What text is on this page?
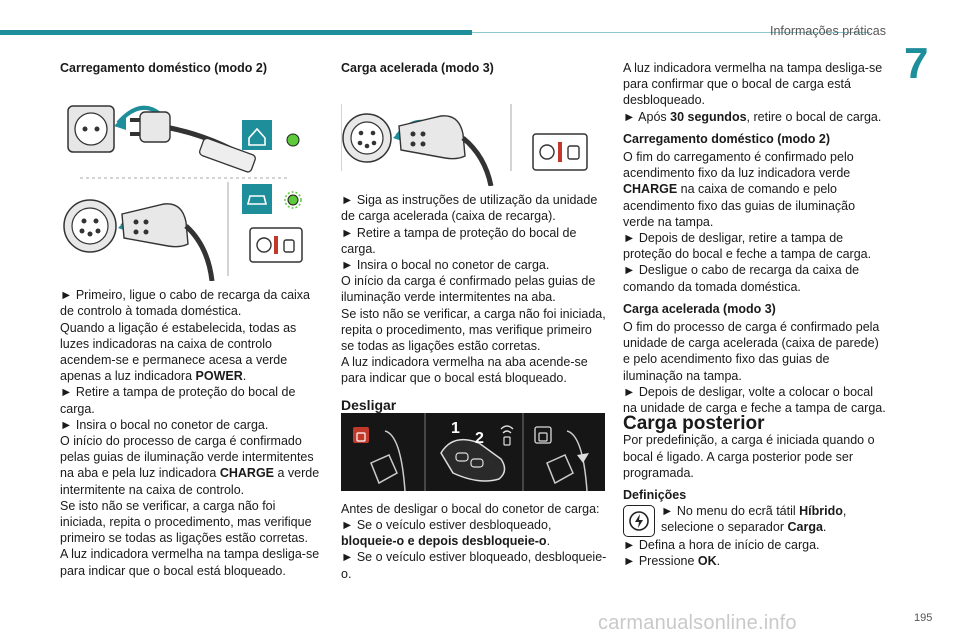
Informações práticas
7
195
carmanualsonline.info

Carregamento doméstico (modo 2)

► Primeiro, ligue o cabo de recarga da caixa de controlo à tomada doméstica.

Quando a ligação é estabelecida, todas as luzes indicadoras na caixa de controlo acendem-se e permanece acesa a verde apenas a luz indicadora POWER.

► Retire a tampa de proteção do bocal de carga.

► Insira o bocal no conetor de carga.

O início do processo de carga é confirmado pelas guias de iluminação verde intermitentes na aba e pela luz indicadora CHARGE a verde intermitente na caixa de controlo.

Se isto não se verificar, a carga não foi iniciada, repita o procedimento, mas verifique primeiro se todas as ligações estão corretas.

A luz indicadora vermelha na tampa desliga-se para indicar que o bocal está bloqueado.

Carga acelerada (modo 3)

► Siga as instruções de utilização da unidade de carga acelerada (caixa de recarga).

► Retire a tampa de proteção do bocal de carga.

► Insira o bocal no conetor de carga.

O início da carga é confirmado pelas guias de iluminação verde intermitentes na aba.

Se isto não se verificar, a carga não foi iniciada, repita o procedimento, mas verifique primeiro se todas as ligações estão corretas.

A luz indicadora vermelha na aba acende-se para indicar que o bocal está bloqueado.

Desligar

1
2

Antes de desligar o bocal do conetor de carga:

► Se o veículo estiver desbloqueado, bloqueie-o e depois desbloqueie-o.

► Se o veículo estiver bloqueado, desbloqueie-o.

A luz indicadora vermelha na tampa desliga-se para confirmar que o bocal de carga está desbloqueado.

► Após 30 segundos, retire o bocal de carga.

Carregamento doméstico (modo 2)

O fim do carregamento é confirmado pelo acendimento fixo da luz indicadora verde CHARGE na caixa de comando e pelo acendimento fixo das guias de iluminação verde na tampa.

► Depois de desligar, retire a tampa de proteção do bocal e feche a tampa de carga.

► Desligue o cabo de recarga da caixa de comando da tomada doméstica.

Carga acelerada (modo 3)

O fim do processo de carga é confirmado pela unidade de carga acelerada (caixa de parede) e pelo acendimento fixo das guias de iluminação na tampa.

► Depois de desligar, volte a colocar o bocal na unidade de carga e feche a tampa de carga.

Carga posterior

Por predefinição, a carga é iniciada quando o bocal é ligado. A carga posterior pode ser programada.

Definições

► No menu do ecrã tátil Híbrido, selecione o separador Carga.

► Defina a hora de início de carga.

► Pressione OK.
